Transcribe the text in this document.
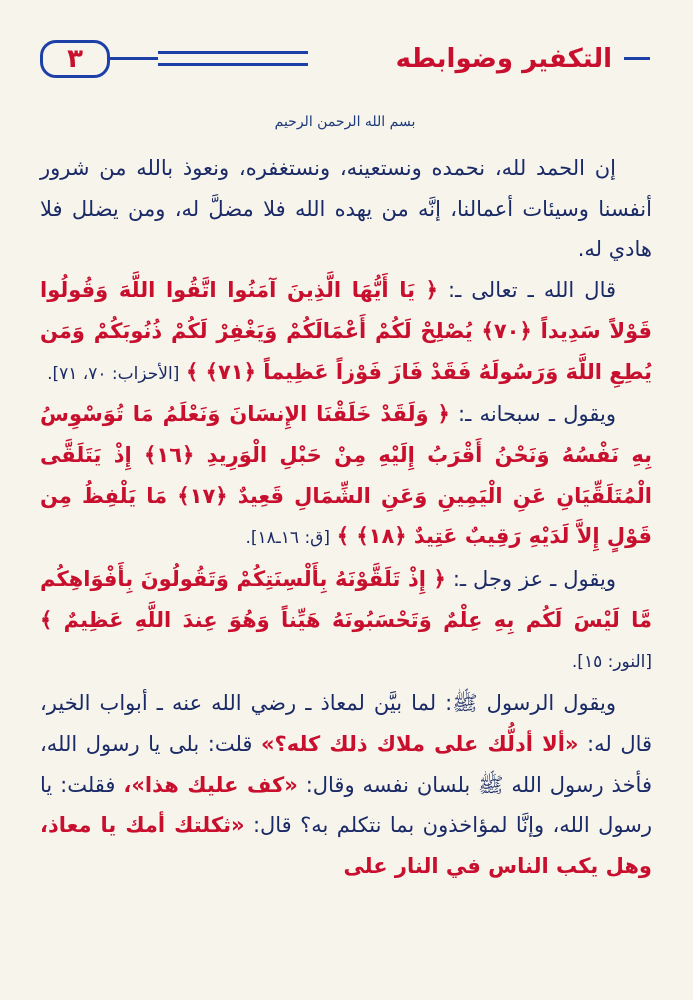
٣	التكفير وضوابطه
بسم الله الرحمن الرحيم

إن الحمد لله، نحمده ونستعينه، ونستغفره، ونعوذ بالله من شرور أنفسنا وسيئات أعمالنا، إنَّه من يهده الله فلا مضلَّ له، ومن يضلل فلا هادي له.

قال الله ـ تعالى ـ: ﴿ يَا أَيُّهَا الَّذِينَ آمَنُوا اتَّقُوا اللَّهَ وَقُولُوا قَوْلاً سَدِيداً ﴿٧٠﴾ يُصْلِحْ لَكُمْ أَعْمَالَكُمْ وَيَغْفِرْ لَكُمْ ذُنُوبَكُمْ وَمَن يُطِعِ اللَّهَ وَرَسُولَهُ فَقَدْ فَازَ فَوْزاً عَظِيماً ﴿٧١﴾ ﴾ [الأحزاب: ٧٠، ٧١].

ويقول ـ سبحانه ـ: ﴿ وَلَقَدْ خَلَقْنَا الإِنسَانَ وَنَعْلَمُ مَا تُوَسْوِسُ بِهِ نَفْسُهُ وَنَحْنُ أَقْرَبُ إِلَيْهِ مِنْ حَبْلِ الْوَرِيدِ ﴿١٦﴾ إِذْ يَتَلَقَّى الْمُتَلَقِّيَانِ عَنِ الْيَمِينِ وَعَنِ الشِّمَالِ قَعِيدٌ ﴿١٧﴾ مَا يَلْفِظُ مِن قَوْلٍ إِلاَّ لَدَيْهِ رَقِيبٌ عَتِيدٌ ﴿١٨﴾ ﴾ [ق: ١٦ـ١٨].

ويقول ـ عز وجل ـ: ﴿ إِذْ تَلَقَّوْنَهُ بِأَلْسِنَتِكُمْ وَتَقُولُونَ بِأَفْوَاهِكُم مَّا لَيْسَ لَكُم بِهِ عِلْمٌ وَتَحْسَبُونَهُ هَيِّناً وَهُوَ عِندَ اللَّهِ عَظِيمٌ ﴾ [النور: ١٥].

ويقول الرسول ﷺ: لما بيَّن لمعاذ ـ رضي الله عنه ـ أبواب الخير، قال له: «ألا أدلُّك على ملاك ذلك كله؟» قلت: بلى يا رسول الله، فأخذ رسول الله ﷺ بلسان نفسه وقال: «كف عليك هذا»، فقلت: يا رسول الله، وإنَّا لمؤاخذون بما نتكلم به؟ قال: «ثكلتك أمك يا معاذ، وهل يكب الناس في النار على
